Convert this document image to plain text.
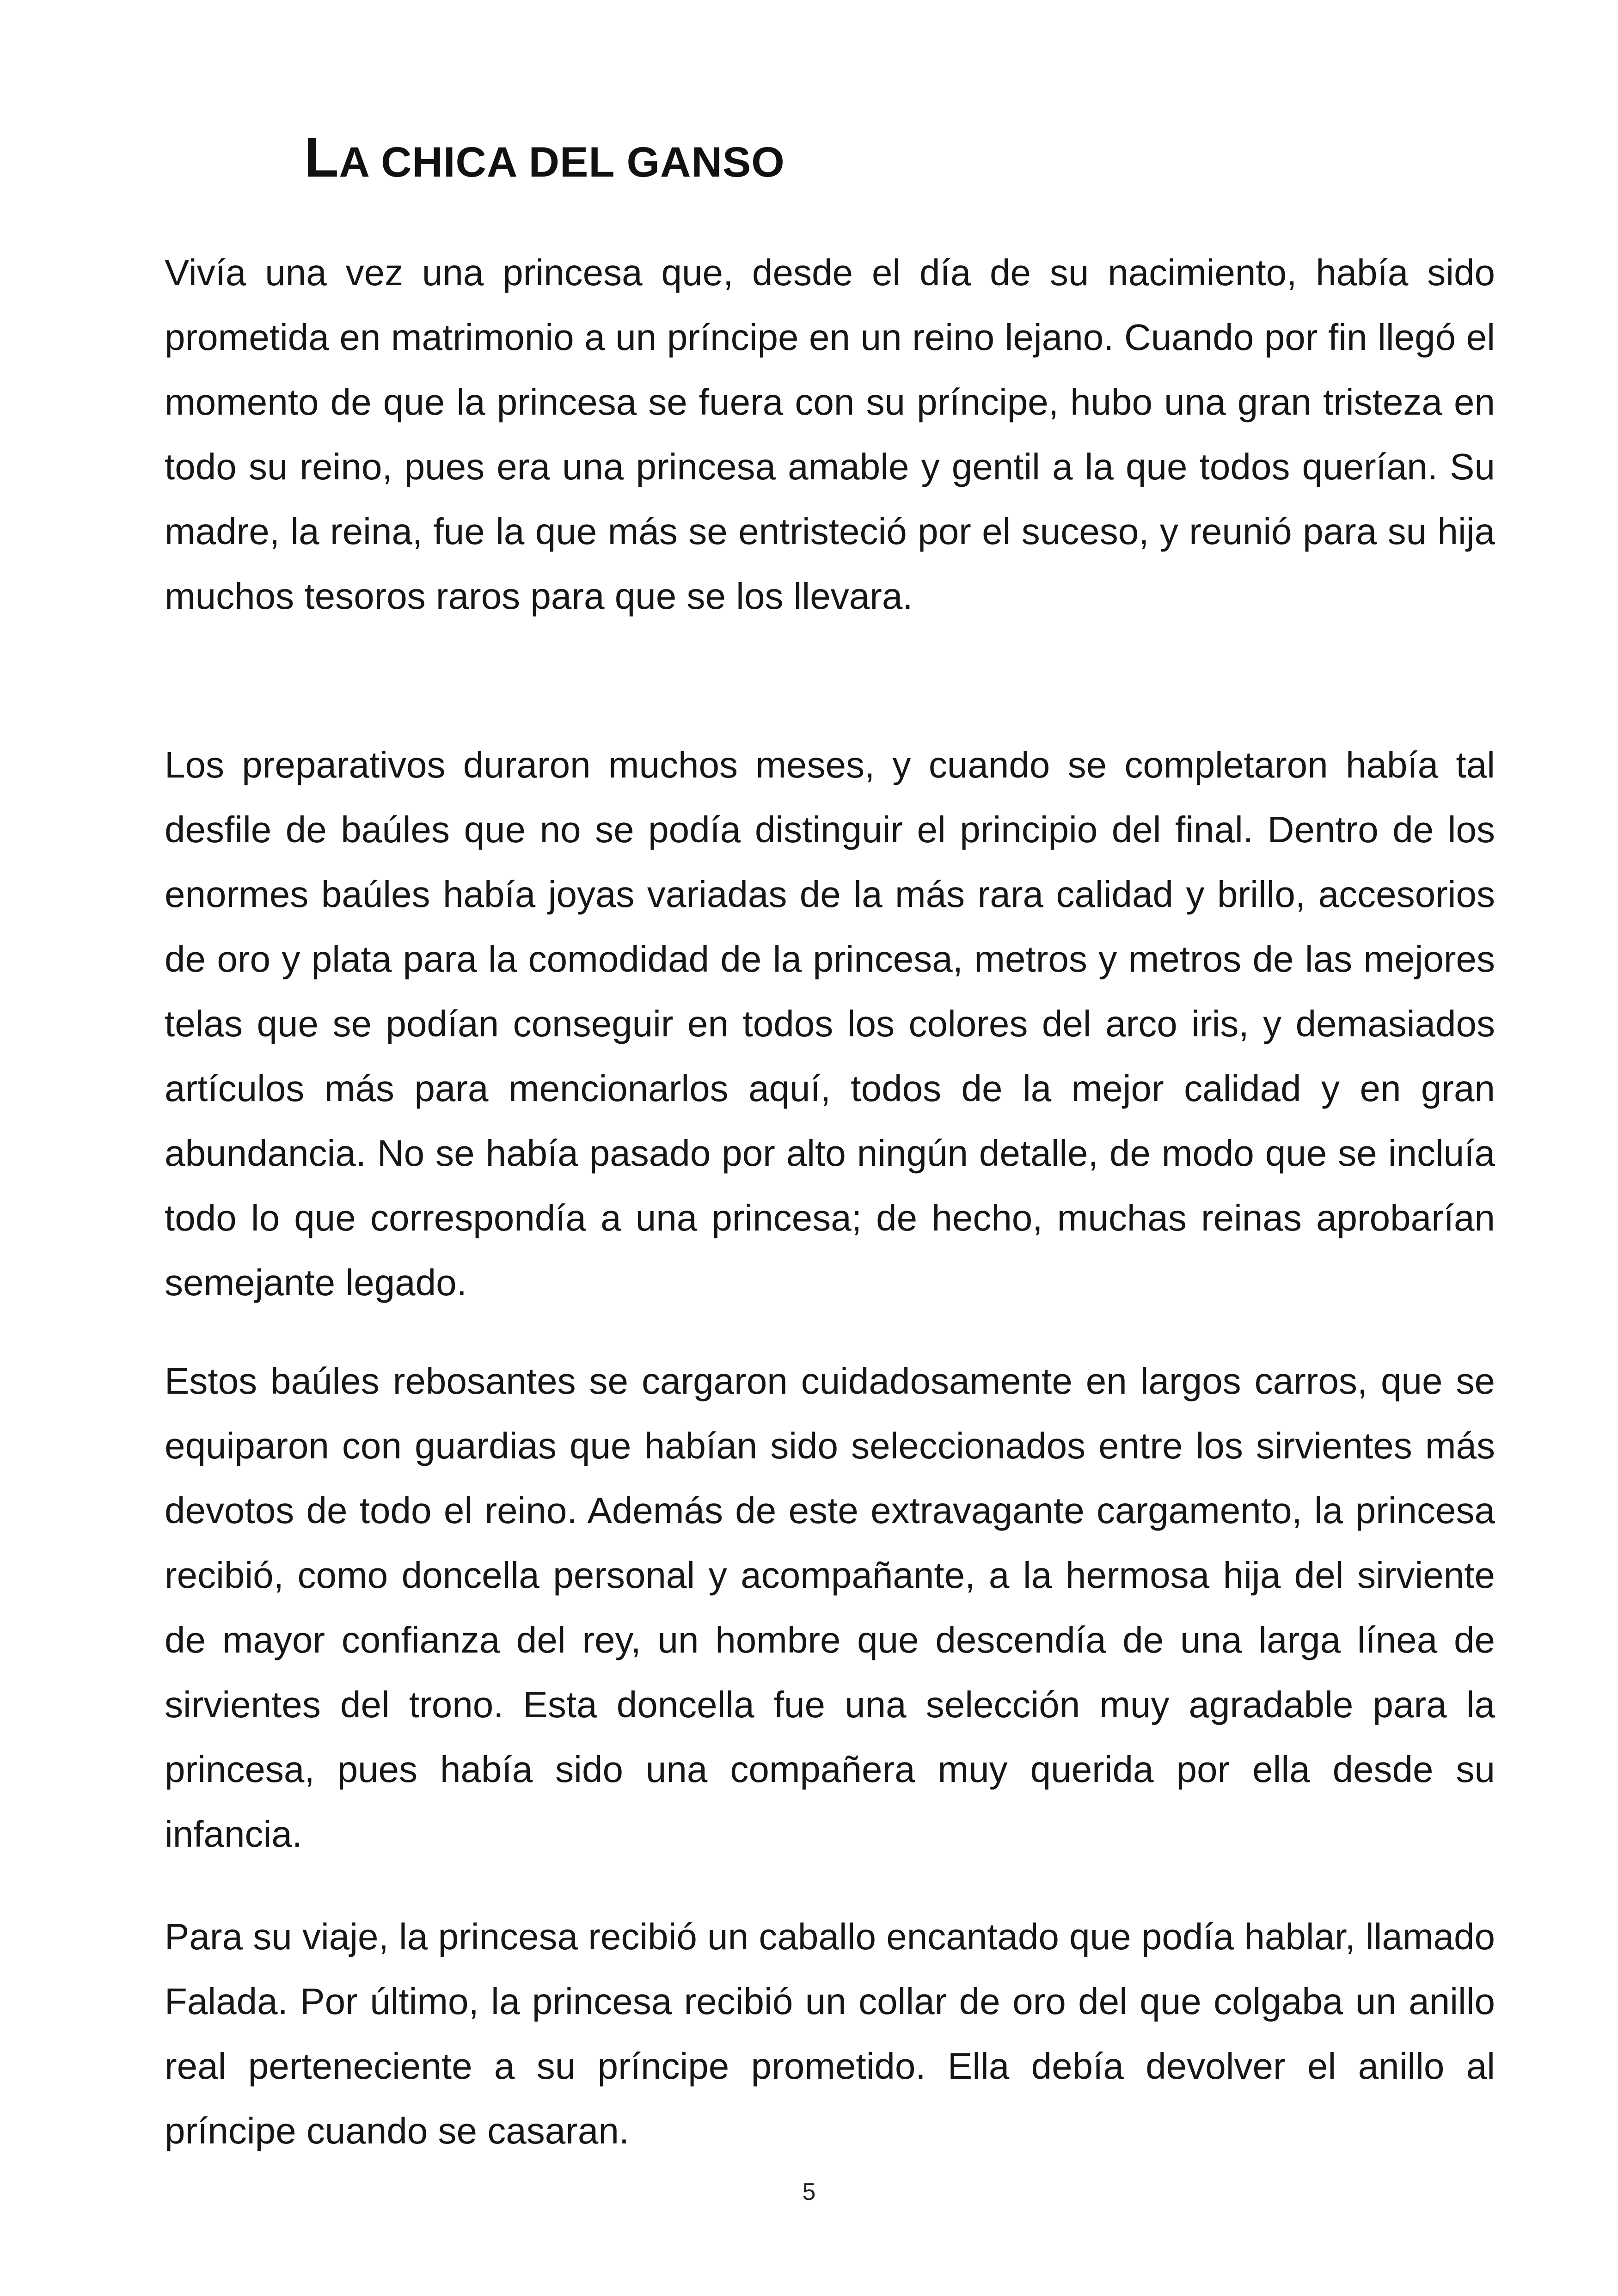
LA CHICA DEL GANSO

Vivía una vez una princesa que, desde el día de su nacimiento, había sido prometida en matrimonio a un príncipe en un reino lejano. Cuando por fin llegó el momento de que la princesa se fuera con su príncipe, hubo una gran tristeza en todo su reino, pues era una princesa amable y gentil a la que todos querían. Su madre, la reina, fue la que más se entristeció por el suceso, y reunió para su hija muchos tesoros raros para que se los llevara.

Los preparativos duraron muchos meses, y cuando se completaron había tal desfile de baúles que no se podía distinguir el principio del final. Dentro de los enormes baúles había joyas variadas de la más rara calidad y brillo, accesorios de oro y plata para la comodidad de la princesa, metros y metros de las mejores telas que se podían conseguir en todos los colores del arco iris, y demasiados artículos más para mencionarlos aquí, todos de la mejor calidad y en gran abundancia. No se había pasado por alto ningún detalle, de modo que se incluía todo lo que correspondía a una princesa; de hecho, muchas reinas aprobarían semejante legado.

Estos baúles rebosantes se cargaron cuidadosamente en largos carros, que se equiparon con guardias que habían sido seleccionados entre los sirvientes más devotos de todo el reino. Además de este extravagante cargamento, la princesa recibió, como doncella personal y acompañante, a la hermosa hija del sirviente de mayor confianza del rey, un hombre que descendía de una larga línea de sirvientes del trono. Esta doncella fue una selección muy agradable para la princesa, pues había sido una compañera muy querida por ella desde su infancia.

Para su viaje, la princesa recibió un caballo encantado que podía hablar, llamado Falada. Por último, la princesa recibió un collar de oro del que colgaba un anillo real perteneciente a su príncipe prometido. Ella debía devolver el anillo al príncipe cuando se casaran.

5
